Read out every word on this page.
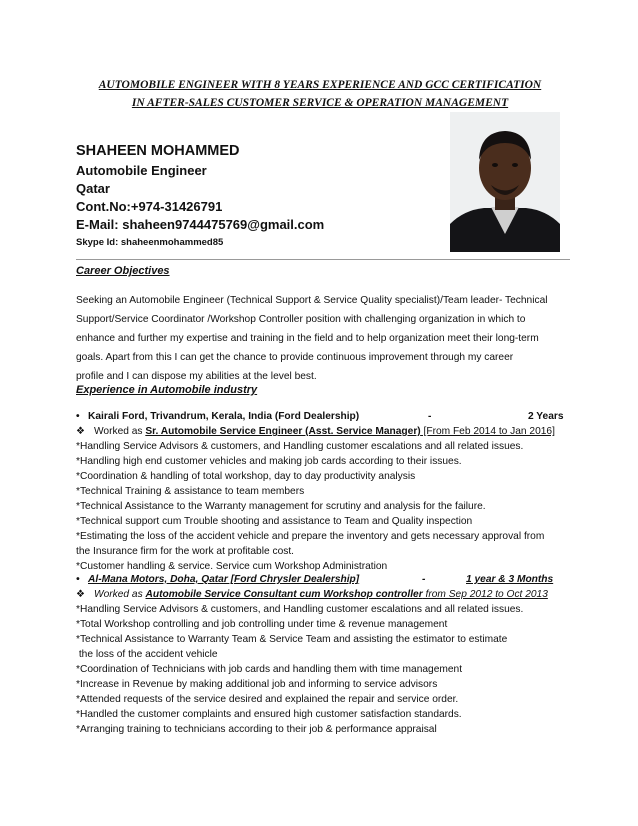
AUTOMOBILE ENGINEER WITH 8 YEARS EXPERIENCE AND GCC CERTIFICATION
IN AFTER-SALES CUSTOMER SERVICE & OPERATION MANAGEMENT
SHAHEEN MOHAMMED
Automobile Engineer
Qatar
Cont.No:+974-31426791
E-Mail: shaheen9744475769@gmail.com
Skype Id: shaheenmohammed85
Career Objectives
Seeking an Automobile Engineer (Technical Support & Service Quality specialist)/Team leader- Technical
Support/Service Coordinator /Workshop Controller position with challenging organization in which to
enhance and further my expertise and training in the field and to help organization meet their long-term
goals. Apart from this I can get the chance to provide continuous improvement through my career
profile and I can dispose my abilities at the level best.
Experience in Automobile industry
• Kairali Ford, Trivandrum, Kerala, India (Ford Dealership)	-	2 Years
❖ Worked as Sr. Automobile Service Engineer (Asst. Service Manager) [From Feb 2014 to Jan 2016]
*Handling Service Advisors & customers, and Handling customer escalations and all related issues.
*Handling high end customer vehicles and making job cards according to their issues.
*Coordination & handling of total workshop, day to day productivity analysis
*Technical Training & assistance to team members
*Technical Assistance to the Warranty management for scrutiny and analysis for the failure.
*Technical support cum Trouble shooting and assistance to Team and Quality inspection
*Estimating the loss of the accident vehicle and prepare the inventory and gets necessary approval from
the Insurance firm for the work at profitable cost.
*Customer handling & service. Service cum Workshop Administration
• Al-Mana Motors, Doha, Qatar [Ford Chrysler Dealership]	-	1 year & 3 Months
❖ Worked as Automobile Service Consultant cum Workshop controller from Sep 2012 to Oct 2013
*Handling Service Advisors & customers, and Handling customer escalations and all related issues.
*Total Workshop controlling and job controlling under time & revenue management
*Technical Assistance to Warranty Team & Service Team and assisting the estimator to estimate
the loss of the accident vehicle
*Coordination of Technicians with job cards and handling them with time management
*Increase in Revenue by making additional job and informing to service advisors
*Attended requests of the service desired and explained the repair and service order.
*Handled the customer complaints and ensured high customer satisfaction standards.
*Arranging training to technicians according to their job & performance appraisal
